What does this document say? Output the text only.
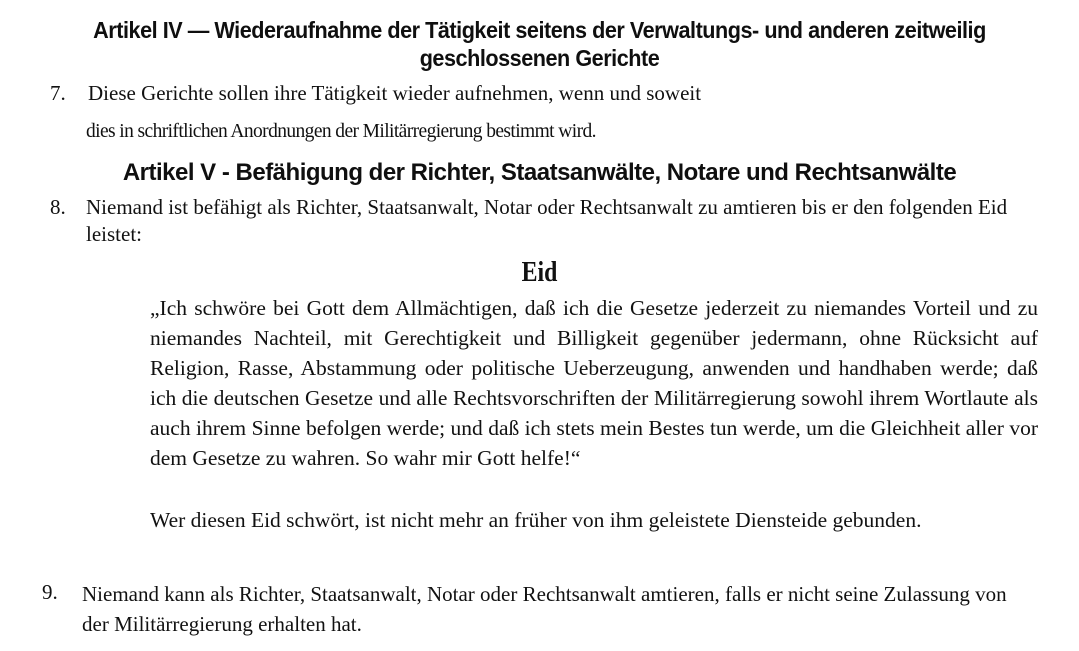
Artikel IV — Wiederaufnahme der Tätigkeit seitens der Verwaltungs- und anderen zeitweilig
geschlossenen Gerichte
7. Diese Gerichte sollen ihre Tätigkeit wieder aufnehmen, wenn und soweit
dies in schriftlichen Anordnungen der Militärregierung bestimmt wird.
Artikel V - Befähigung der Richter, Staatsanwälte, Notare und Rechtsanwälte
8. Niemand ist befähigt als Richter, Staatsanwalt, Notar oder Rechtsanwalt zu amtieren bis er den folgenden Eid leistet:
Eid
„Ich schwöre bei Gott dem Allmächtigen, daß ich die Gesetze jederzeit zu niemandes Vorteil und zu niemandes Nachteil, mit Gerechtigkeit und Billigkeit gegenüber jedermann, ohne Rücksicht auf Religion, Rasse, Abstammung oder politische Ueberzeugung, anwenden und handhaben werde; daß ich die deutschen Gesetze und alle Rechtsvorschriften der Militärregierung sowohl ihrem Wortlaute als auch ihrem Sinne befolgen werde; und daß ich stets mein Bestes tun werde, um die Gleichheit aller vor dem Gesetze zu wahren. So wahr mir Gott helfe!“
Wer diesen Eid schwört, ist nicht mehr an früher von ihm geleistete Diensteide gebunden.
9. Niemand kann als Richter, Staatsanwalt, Notar oder Rechtsanwalt amtieren, falls er nicht seine Zulassung von der Militärregierung erhalten hat.
